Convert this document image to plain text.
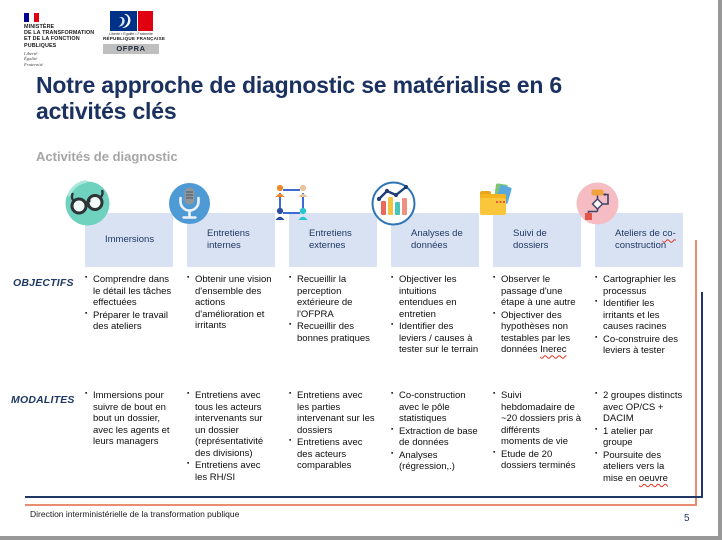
MINISTÈRE
DE LA TRANSFORMATION
ET DE LA FONCTION
PUBLIQUES
Liberté
Égalité
Fraternité
Liberté • Égalité • Fraternité
RÉPUBLIQUE FRANÇAISE
OFPRA
Notre approche de diagnostic se matérialise en 6 activités clés
Activités de diagnostic
Immersions
Entretiens internes
Entretiens externes
Analyses de données
Suivi de dossiers
Ateliers de co-construction
OBJECTIFS
MODALITES
▪ Comprendre dans le détail les tâches effectuées
▪ Préparer le travail des ateliers
▪ Obtenir une vision d'ensemble des actions d'amélioration et irritants
▪ Recueillir la perception extérieure de l'OFPRA
▪ Recueillir des bonnes pratiques
▪ Objectiver les intuitions entendues en entretien
▪ Identifier des leviers / causes à tester sur le terrain
▪ Observer le passage d'une étape à une autre
▪ Objectiver des hypothèses non testables par les données Inerec
▪ Cartographier les processus
▪ Identifier les irritants et les causes racines
▪ Co-construire des leviers à tester
▪ Immersions pour suivre de bout en bout un dossier, avec les agents et leurs managers
▪ Entretiens avec tous les acteurs intervenants sur un dossier (représentativité des divisions)
▪ Entretiens avec les RH/SI
▪ Entretiens avec les parties intervenant sur les dossiers
▪ Entretiens avec des acteurs comparables
▪ Co-construction avec le pôle statistiques
▪ Extraction de base de données
▪ Analyses (régression,.)
▪ Suivi hebdomadaire de ~20 dossiers pris à différents moments de vie
▪ Etude de 20 dossiers terminés
▪ 2 groupes distincts avec OP/CS + DACIM
▪ 1 atelier par groupe
▪ Poursuite des ateliers vers la mise en oeuvre
Direction interministérielle de la transformation publique	5
